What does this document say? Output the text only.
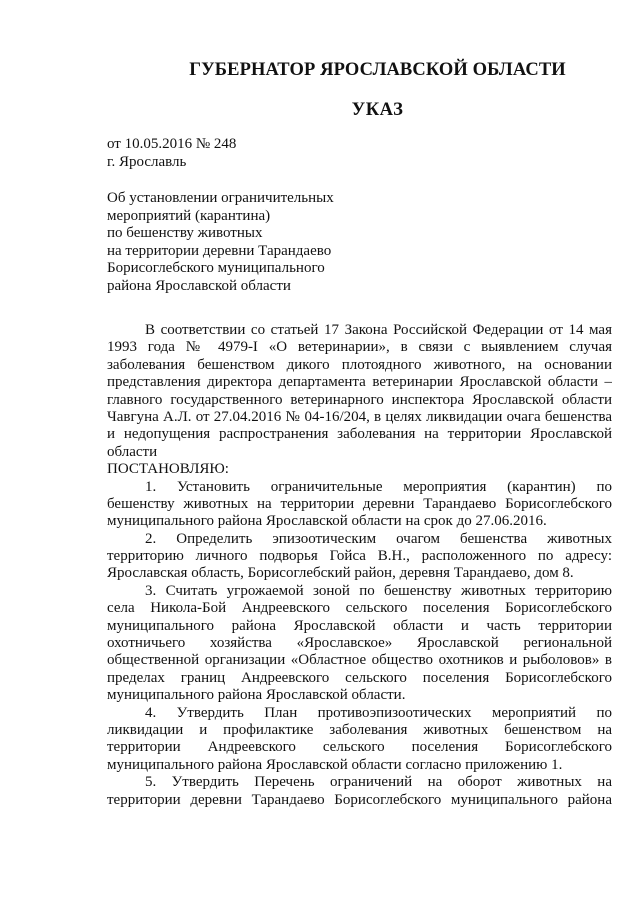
ГУБЕРНАТОР ЯРОСЛАВСКОЙ ОБЛАСТИ
УКАЗ
от 10.05.2016 № 248
г. Ярославль
Об установлении ограничительных
мероприятий (карантина)
по бешенству животных
на территории деревни Тарандаево
Борисоглебского муниципального
района Ярославской области
В соответствии со статьей 17 Закона Российской Федерации от 14 мая
1993 года № 4979-I «О ветеринарии», в связи с выявлением случая
заболевания бешенством дикого плотоядного животного, на основании
представления директора департамента ветеринарии Ярославской области –
главного государственного ветеринарного инспектора Ярославской области
Чавгуна А.Л. от 27.04.2016 № 04-16/204, в целях ликвидации очага бешенства
и недопущения распространения заболевания на территории Ярославской
области
ПОСТАНОВЛЯЮ:
1. Установить ограничительные мероприятия (карантин) по
бешенству животных на территории деревни Тарандаево Борисоглебского
муниципального района Ярославской области на срок до 27.06.2016.
2. Определить эпизоотическим очагом бешенства животных
территорию личного подворья Гойса В.Н., расположенного по адресу:
Ярославская область, Борисоглебский район, деревня Тарандаево, дом 8.
3. Считать угрожаемой зоной по бешенству животных территорию
села Никола-Бой Андреевского сельского поселения Борисоглебского
муниципального района Ярославской области и часть территории
охотничьего хозяйства «Ярославское» Ярославской региональной
общественной организации «Областное общество охотников и рыболовов» в
пределах границ Андреевского сельского поселения Борисоглебского
муниципального района Ярославской области.
4. Утвердить План противоэпизоотических мероприятий по
ликвидации и профилактике заболевания животных бешенством на
территории Андреевского сельского поселения Борисоглебского
муниципального района Ярославской области согласно приложению 1.
5. Утвердить Перечень ограничений на оборот животных на
территории деревни Тарандаево Борисоглебского муниципального района
